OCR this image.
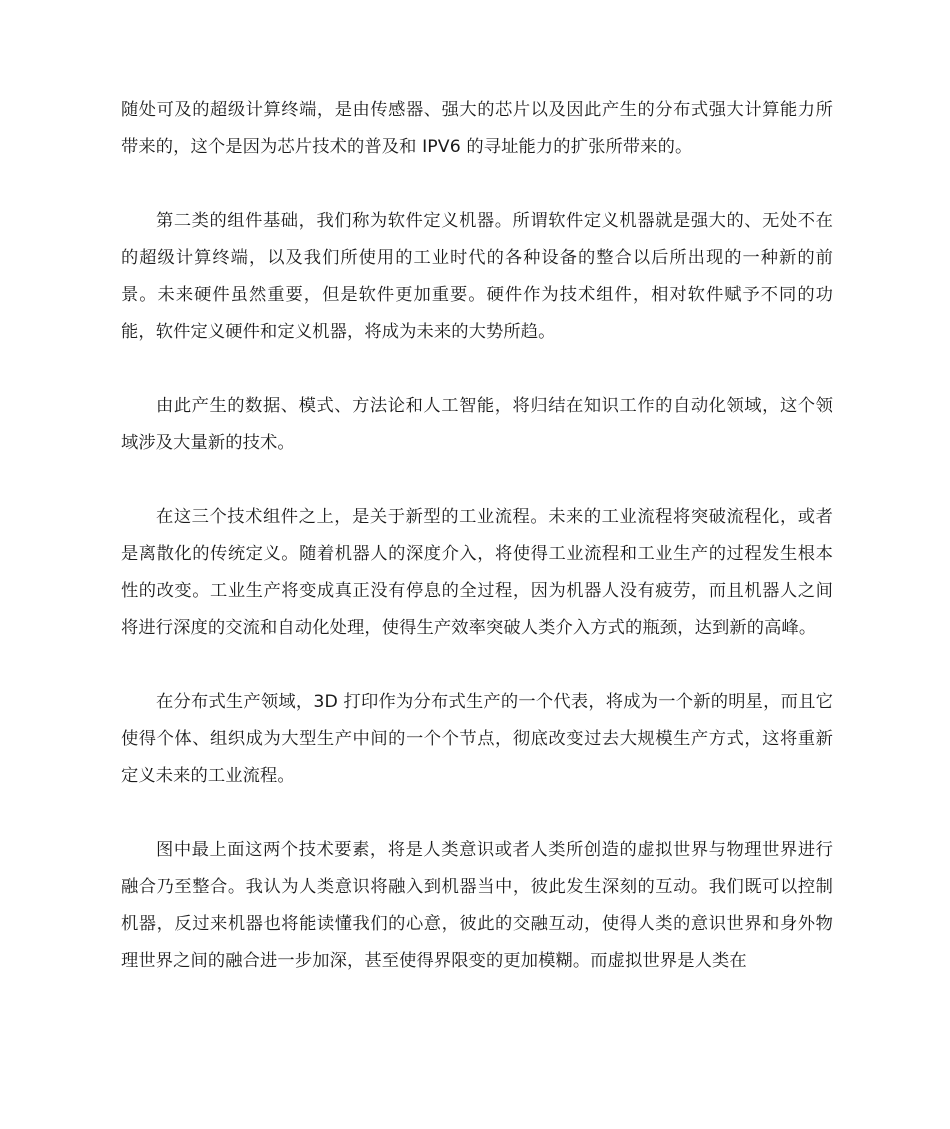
随处可及的超级计算终端，是由传感器、强大的芯片以及因此产生的分布式强大计算能力所带来的，这个是因为芯片技术的普及和 IPV6 的寻址能力的扩张所带来的。

第二类的组件基础，我们称为软件定义机器。所谓软件定义机器就是强大的、无处不在的超级计算终端，以及我们所使用的工业时代的各种设备的整合以后所出现的一种新的前景。未来硬件虽然重要，但是软件更加重要。硬件作为技术组件，相对软件赋予不同的功能，软件定义硬件和定义机器，将成为未来的大势所趋。

由此产生的数据、模式、方法论和人工智能，将归结在知识工作的自动化领域，这个领域涉及大量新的技术。

在这三个技术组件之上，是关于新型的工业流程。未来的工业流程将突破流程化，或者是离散化的传统定义。随着机器人的深度介入，将使得工业流程和工业生产的过程发生根本性的改变。工业生产将变成真正没有停息的全过程，因为机器人没有疲劳，而且机器人之间将进行深度的交流和自动化处理，使得生产效率突破人类介入方式的瓶颈，达到新的高峰。

在分布式生产领域，3D 打印作为分布式生产的一个代表，将成为一个新的明星，而且它使得个体、组织成为大型生产中间的一个个节点，彻底改变过去大规模生产方式，这将重新定义未来的工业流程。

图中最上面这两个技术要素，将是人类意识或者人类所创造的虚拟世界与物理世界进行融合乃至整合。我认为人类意识将融入到机器当中，彼此发生深刻的互动。我们既可以控制机器，反过来机器也将能读懂我们的心意，彼此的交融互动，使得人类的意识世界和身外物理世界之间的融合进一步加深，甚至使得界限变的更加模糊。而虚拟世界是人类在
